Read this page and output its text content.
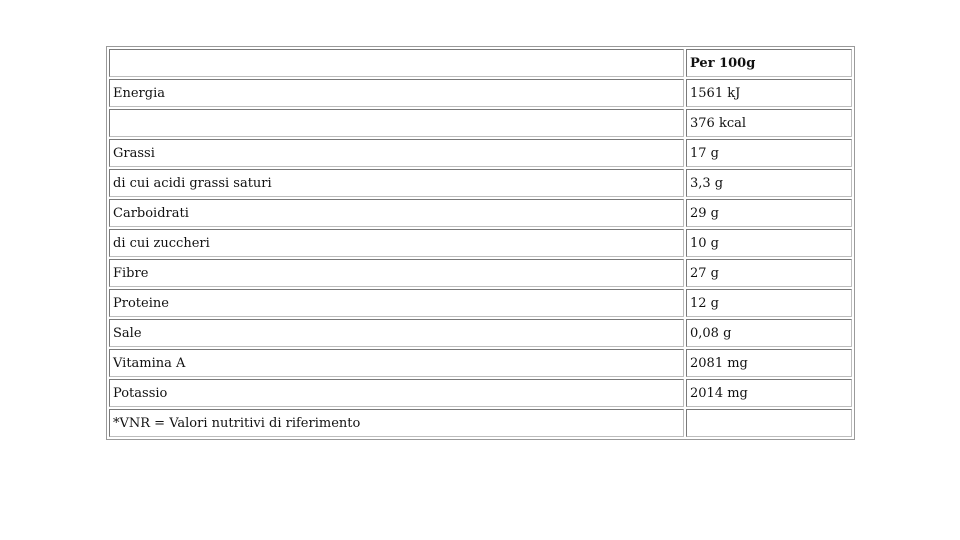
	Per 100g
Energia	1561 kJ
	376 kcal
Grassi	17 g
di cui acidi grassi saturi	3,3 g
Carboidrati	29 g
di cui zuccheri	10 g
Fibre	27 g
Proteine	12 g
Sale	0,08 g
Vitamina A	2081 mg
Potassio	2014 mg
*VNR = Valori nutritivi di riferimento	
